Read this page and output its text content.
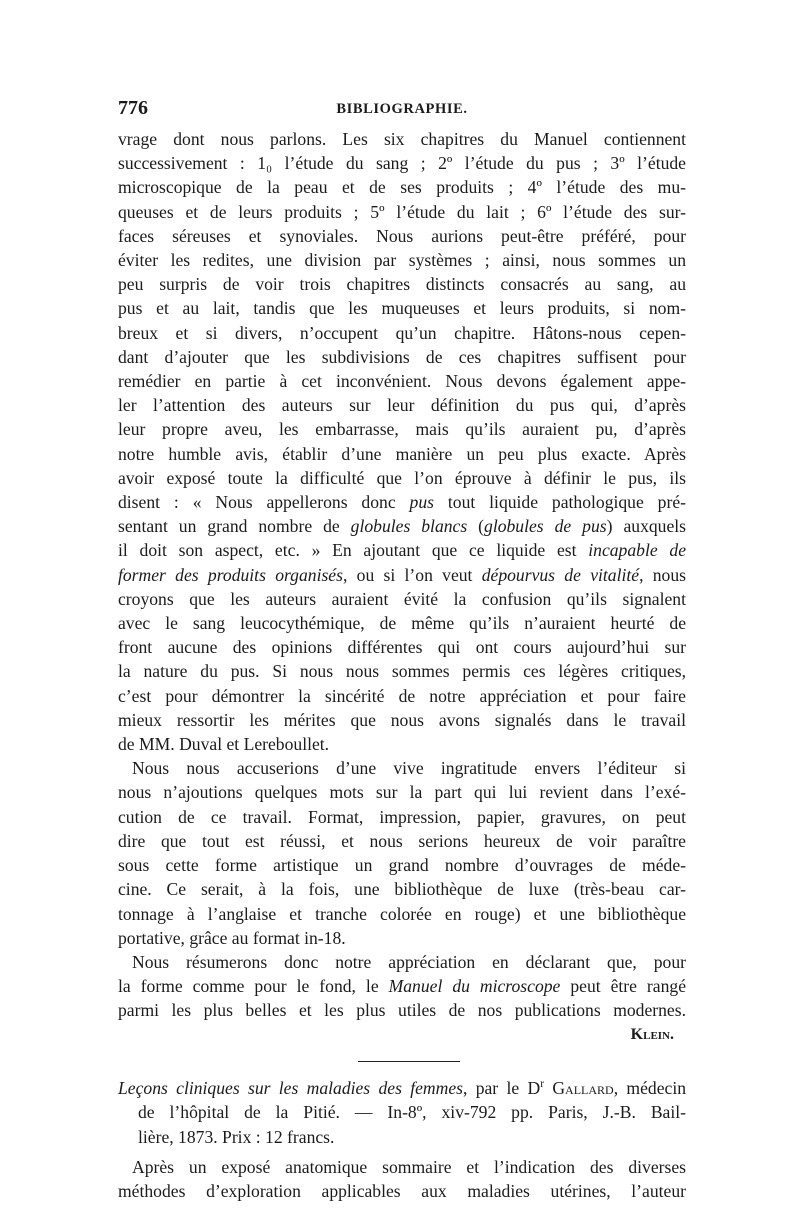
776	BIBLIOGRAPHIE.

vrage dont nous parlons. Les six chapitres du Manuel contiennent

successivement : 1₀ l’étude du sang ; 2º l’étude du pus ; 3º l’étude

microscopique de la peau et de ses produits ; 4º l’étude des mu-

queuses et de leurs produits ; 5º l’étude du lait ; 6º l’étude des sur-

faces séreuses et synoviales. Nous aurions peut-être préféré, pour

éviter les redites, une division par systèmes ; ainsi, nous sommes un

peu surpris de voir trois chapitres distincts consacrés au sang, au

pus et au lait, tandis que les muqueuses et leurs produits, si nom-

breux et si divers, n’occupent qu’un chapitre. Hâtons-nous cepen-

dant d’ajouter que les subdivisions de ces chapitres suffisent pour

remédier en partie à cet inconvénient. Nous devons également appe-

ler l’attention des auteurs sur leur définition du pus qui, d’après

leur propre aveu, les embarrasse, mais qu’ils auraient pu, d’après

notre humble avis, établir d’une manière un peu plus exacte. Après

avoir exposé toute la difficulté que l’on éprouve à définir le pus, ils

disent : « Nous appellerons donc pus tout liquide pathologique pré-

sentant un grand nombre de globules blancs (globules de pus) auxquels

il doit son aspect, etc. » En ajoutant que ce liquide est incapable de

former des produits organisés, ou si l’on veut dépourvus de vitalité, nous

croyons que les auteurs auraient évité la confusion qu’ils signalent

avec le sang leucocythémique, de même qu’ils n’auraient heurté de

front aucune des opinions différentes qui ont cours aujourd’hui sur

la nature du pus. Si nous nous sommes permis ces légères critiques,

c’est pour démontrer la sincérité de notre appréciation et pour faire

mieux ressortir les mérites que nous avons signalés dans le travail

de MM. Duval et Lereboullet.

Nous nous accuserions d’une vive ingratitude envers l’éditeur si

nous n’ajoutions quelques mots sur la part qui lui revient dans l’exé-

cution de ce travail. Format, impression, papier, gravures, on peut

dire que tout est réussi, et nous serions heureux de voir paraître

sous cette forme artistique un grand nombre d’ouvrages de méde-

cine. Ce serait, à la fois, une bibliothèque de luxe (très-beau car-

tonnage à l’anglaise et tranche colorée en rouge) et une bibliothèque

portative, grâce au format in-18.

Nous résumerons donc notre appréciation en déclarant que, pour

la forme comme pour le fond, le Manuel du microscope peut être rangé

parmi les plus belles et les plus utiles de nos publications modernes.

Klein.

Leçons cliniques sur les maladies des femmes, par le $D^r$ Gallard, médecin

de l’hôpital de la Pitié. — In-8º, xiv-792 pp. Paris, J.-B. Bail-

lière, 1873. Prix : 12 francs.

Après un exposé anatomique sommaire et l’indication des diverses

méthodes d’exploration applicables aux maladies utérines, l’auteur
